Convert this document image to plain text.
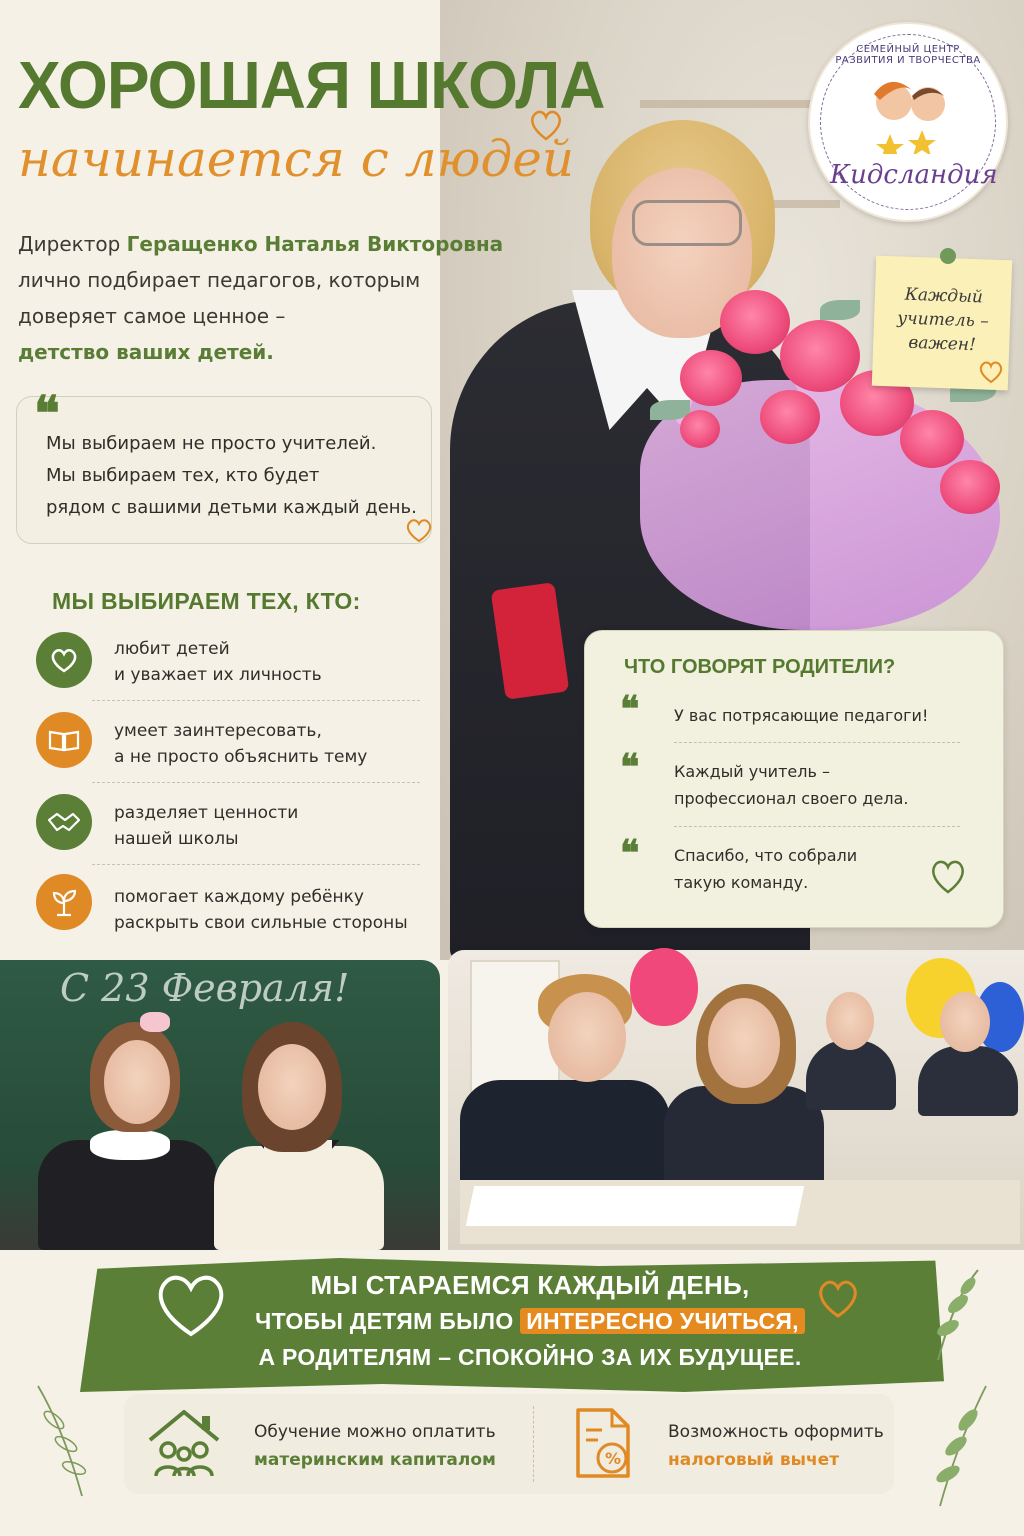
СЕМЕЙНЫЙ ЦЕНТР РАЗВИТИЯ И ТВОРЧЕСТВА
Кидсландия
Каждый
учитель –
важен!
ХОРОШАЯ ШКОЛА
начинается с людей
Директор Геращенко Наталья Викторовна
лично подбирает педагогов, которым доверяет самое ценное –
детство ваших детей.
❝
Мы выбираем не просто учителей.
Мы выбираем тех, кто будет
рядом с вашими детьми каждый день.
МЫ ВЫБИРАЕМ ТЕХ, КТО:
любит детей
и уважает их личность
умеет заинтересовать,
а не просто объяснить тему
разделяет ценности
нашей школы
помогает каждому ребёнку
раскрыть свои сильные стороны
ЧТО ГОВОРЯТ РОДИТЕЛИ?
❝ У вас потрясающие педагоги!
❝ Каждый учитель –
профессионал своего дела.
❝ Спасибо, что собрали
такую команду.
С 23 Февраля!
МЫ СТАРАЕМСЯ КАЖДЫЙ ДЕНЬ,
ЧТОБЫ ДЕТЯМ БЫЛО ИНТЕРЕСНО УЧИТЬСЯ,
А РОДИТЕЛЯМ – СПОКОЙНО ЗА ИХ БУДУЩЕЕ.
Обучение можно оплатить
материнским капиталом	%
Возможность оформить
налоговый вычет
